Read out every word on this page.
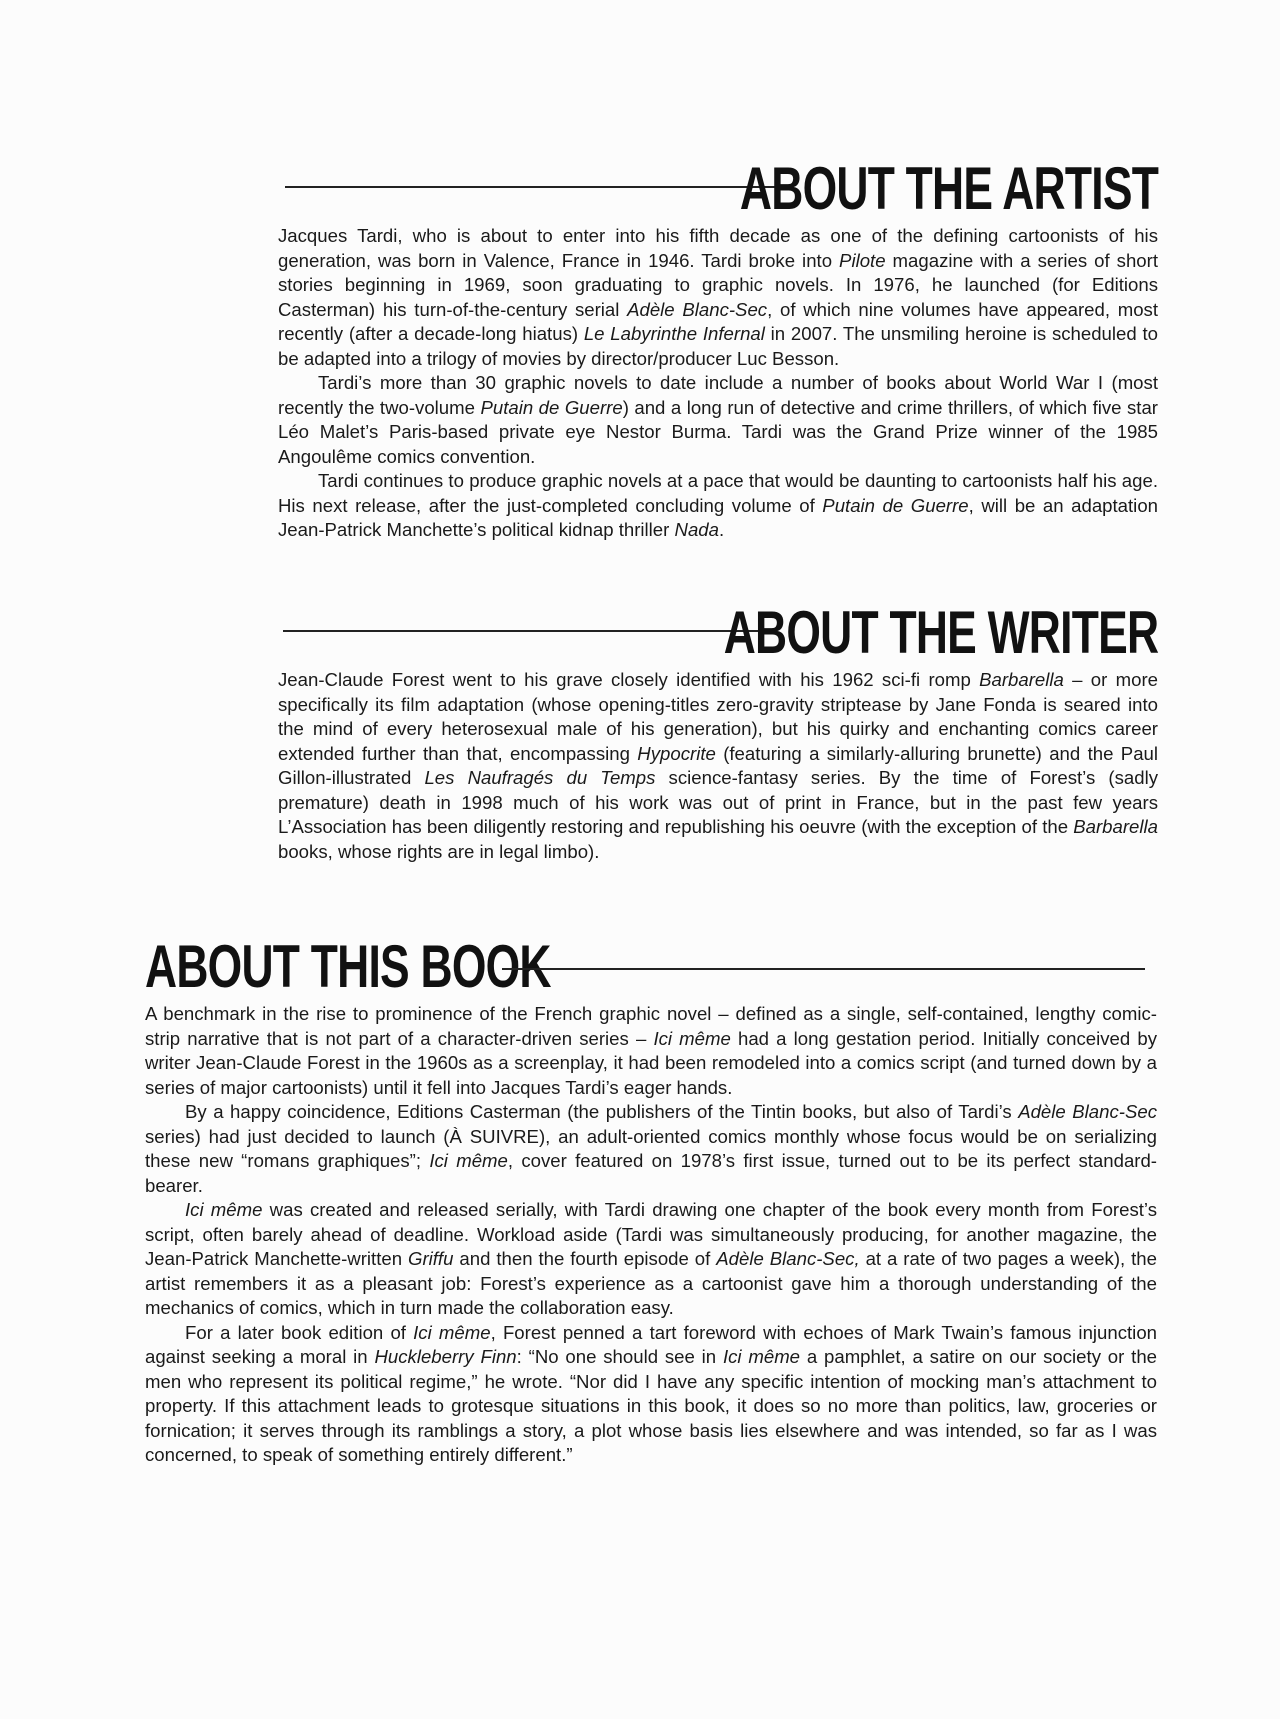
ABOUT THE ARTIST

Jacques Tardi, who is about to enter into his fifth decade as one of the defining cartoonists of his generation, was born in Valence, France in 1946. Tardi broke into Pilote magazine with a series of short stories beginning in 1969, soon graduating to graphic novels. In 1976, he launched (for Editions Casterman) his turn-of-the-century serial Adèle Blanc-Sec, of which nine volumes have appeared, most recently (after a decade-long hiatus) Le Labyrinthe Infernal in 2007. The unsmiling heroine is scheduled to be adapted into a trilogy of movies by director/producer Luc Besson.

Tardi’s more than 30 graphic novels to date include a number of books about World War I (most recently the two-volume Putain de Guerre) and a long run of detective and crime thrillers, of which five star Léo Malet’s Paris-based private eye Nestor Burma. Tardi was the Grand Prize winner of the 1985 Angoulême comics convention.

Tardi continues to produce graphic novels at a pace that would be daunting to cartoonists half his age. His next release, after the just-completed concluding volume of Putain de Guerre, will be an adaptation Jean-Patrick Manchette’s political kidnap thriller Nada.

ABOUT THE WRITER

Jean-Claude Forest went to his grave closely identified with his 1962 sci-fi romp Barbarella – or more specifically its film adaptation (whose opening-titles zero-gravity striptease by Jane Fonda is seared into the mind of every heterosexual male of his generation), but his quirky and enchanting comics career extended further than that, encompassing Hypocrite (featuring a similarly-alluring brunette) and the Paul Gillon-illustrated Les Naufragés du Temps science-fantasy series. By the time of Forest’s (sadly premature) death in 1998 much of his work was out of print in France, but in the past few years L’Association has been diligently restoring and republishing his oeuvre (with the exception of the Barbarella books, whose rights are in legal limbo).

ABOUT THIS BOOK

A benchmark in the rise to prominence of the French graphic novel – defined as a single, self-contained, lengthy comic-strip narrative that is not part of a character-driven series – Ici même had a long gestation period. Initially conceived by writer Jean-Claude Forest in the 1960s as a screenplay, it had been remodeled into a comics script (and turned down by a series of major cartoonists) until it fell into Jacques Tardi’s eager hands.

By a happy coincidence, Editions Casterman (the publishers of the Tintin books, but also of Tardi’s Adèle Blanc-Sec series) had just decided to launch (À SUIVRE), an adult-oriented comics monthly whose focus would be on serializing these new “romans graphiques”; Ici même, cover featured on 1978’s first issue, turned out to be its perfect standard-bearer.

Ici même was created and released serially, with Tardi drawing one chapter of the book every month from Forest’s script, often barely ahead of deadline. Workload aside (Tardi was simultaneously producing, for another magazine, the Jean-Patrick Manchette-written Griffu and then the fourth episode of Adèle Blanc-Sec, at a rate of two pages a week), the artist remembers it as a pleasant job: Forest’s experience as a cartoonist gave him a thorough understanding of the mechanics of comics, which in turn made the collaboration easy.

For a later book edition of Ici même, Forest penned a tart foreword with echoes of Mark Twain’s famous injunction against seeking a moral in Huckleberry Finn: “No one should see in Ici même a pamphlet, a satire on our society or the men who represent its political regime,” he wrote. “Nor did I have any specific intention of mocking man’s attachment to property. If this attachment leads to grotesque situations in this book, it does so no more than politics, law, groceries or fornication; it serves through its ramblings a story, a plot whose basis lies elsewhere and was intended, so far as I was concerned, to speak of something entirely different.”
